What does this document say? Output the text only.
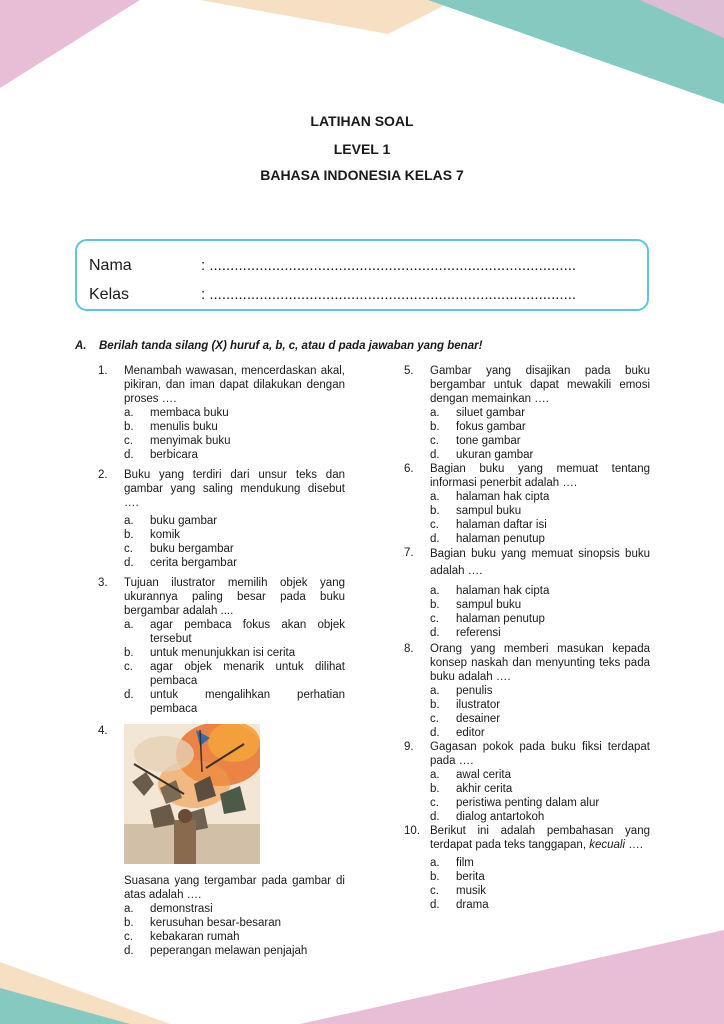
LATIHAN SOAL
LEVEL 1
BAHASA INDONESIA KELAS 7
Nama	: ........................................................................................
Kelas	: ........................................................................................
A. Berilah tanda silang (X) huruf a, b, c, atau d pada jawaban yang benar!
1. Menambah wawasan, mencerdaskan akal, pikiran, dan iman dapat dilakukan dengan proses ….
a. membaca buku
b. menulis buku
c. menyimak buku
d. berbicara
2. Buku yang terdiri dari unsur teks dan gambar yang saling mendukung disebut ….
a. buku gambar
b. komik
c. buku bergambar
d. cerita bergambar
3. Tujuan ilustrator memilih objek yang ukurannya paling besar pada buku bergambar adalah ....
a. agar pembaca fokus akan objek tersebut
b. untuk menunjukkan isi cerita
c. agar objek menarik untuk dilihat pembaca
d. untuk mengalihkan perhatian pembaca
4.
Suasana yang tergambar pada gambar di atas adalah ….
a. demonstrasi
b. kerusuhan besar-besaran
c. kebakaran rumah
d. peperangan melawan penjajah
5. Gambar yang disajikan pada buku bergambar untuk dapat mewakili emosi dengan memainkan ….
a. siluet gambar
b. fokus gambar
c. tone gambar
d. ukuran gambar
6. Bagian buku yang memuat tentang informasi penerbit adalah ….
a. halaman hak cipta
b. sampul buku
c. halaman daftar isi
d. halaman penutup
7. Bagian buku yang memuat sinopsis buku adalah ….
a. halaman hak cipta
b. sampul buku
c. halaman penutup
d. referensi
8. Orang yang memberi masukan kepada konsep naskah dan menyunting teks pada buku adalah ….
a. penulis
b. ilustrator
c. desainer
d. editor
9. Gagasan pokok pada buku fiksi terdapat pada ….
a. awal cerita
b. akhir cerita
c. peristiwa penting dalam alur
d. dialog antartokoh
10. Berikut ini adalah pembahasan yang terdapat pada teks tanggapan, kecuali ….
a. film
b. berita
c. musik
d. drama
